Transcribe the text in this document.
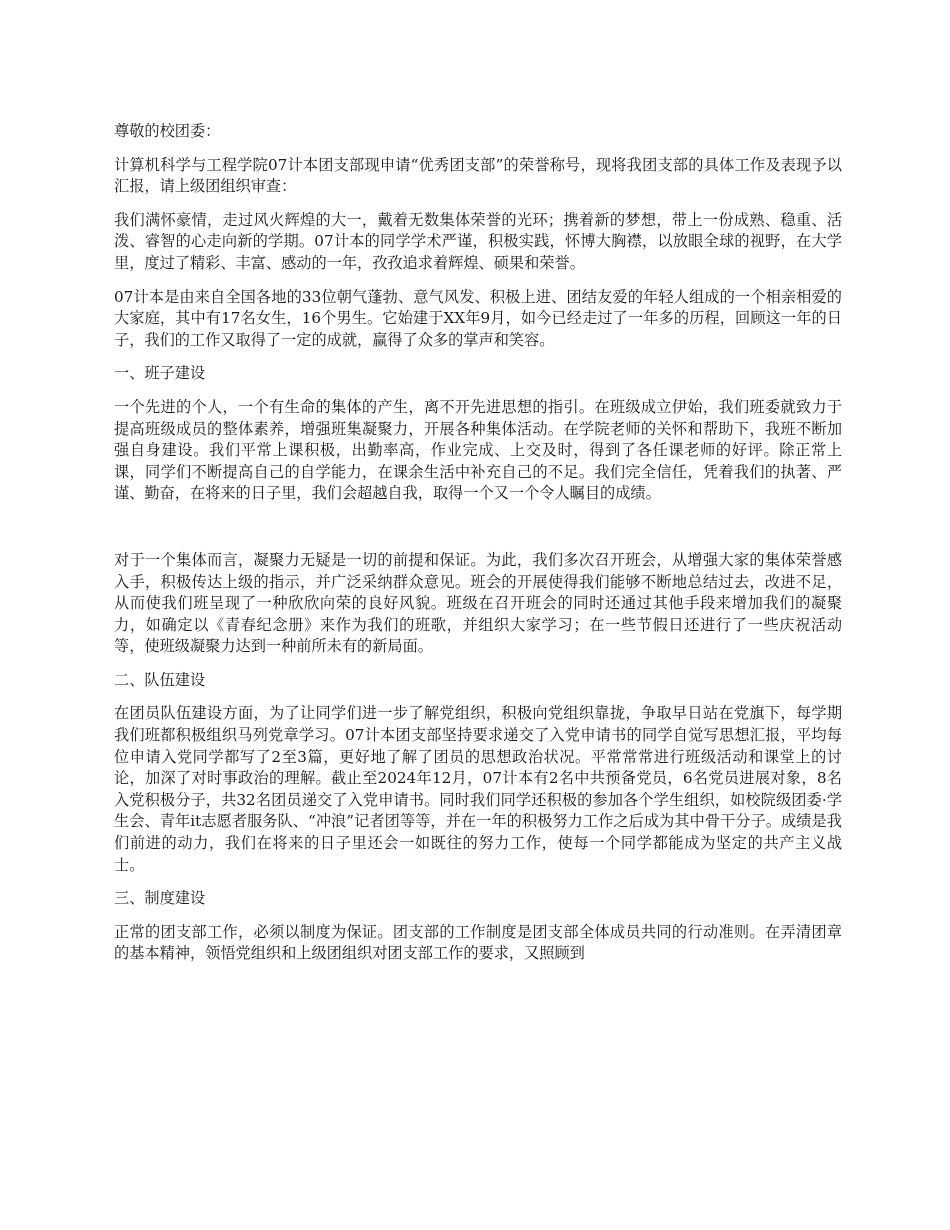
尊敬的校团委：

计算机科学与工程学院07计本团支部现申请“优秀团支部”的荣誉称号，现将我团支部的具体工作及表现予以汇报，请上级团组织审查：

我们满怀豪情，走过风火辉煌的大一，戴着无数集体荣誉的光环；携着新的梦想，带上一份成熟、稳重、活泼、睿智的心走向新的学期。07计本的同学学术严谨，积极实践，怀博大胸襟，以放眼全球的视野，在大学里，度过了精彩、丰富、感动的一年，孜孜追求着辉煌、硕果和荣誉。

07计本是由来自全国各地的33位朝气蓬勃、意气风发、积极上进、团结友爱的年轻人组成的一个相亲相爱的大家庭，其中有17名女生，16个男生。它始建于XX年9月，如今已经走过了一年多的历程，回顾这一年的日子，我们的工作又取得了一定的成就，赢得了众多的掌声和笑容。

一、班子建设

一个先进的个人，一个有生命的集体的产生，离不开先进思想的指引。在班级成立伊始，我们班委就致力于提高班级成员的整体素养，增强班集凝聚力，开展各种集体活动。在学院老师的关怀和帮助下，我班不断加强自身建设。我们平常上课积极，出勤率高，作业完成、上交及时，得到了各任课老师的好评。除正常上课，同学们不断提高自己的自学能力，在课余生活中补充自己的不足。我们完全信任，凭着我们的执著、严谨、勤奋，在将来的日子里，我们会超越自我，取得一个又一个令人瞩目的成绩。

对于一个集体而言，凝聚力无疑是一切的前提和保证。为此，我们多次召开班会，从增强大家的集体荣誉感入手，积极传达上级的指示，并广泛采纳群众意见。班会的开展使得我们能够不断地总结过去，改进不足，从而使我们班呈现了一种欣欣向荣的良好风貌。班级在召开班会的同时还通过其他手段来增加我们的凝聚力，如确定以《青春纪念册》来作为我们的班歌，并组织大家学习；在一些节假日还进行了一些庆祝活动等，使班级凝聚力达到一种前所未有的新局面。

二、队伍建设

在团员队伍建设方面，为了让同学们进一步了解党组织，积极向党组织靠拢，争取早日站在党旗下，每学期我们班都积极组织马列党章学习。07计本团支部坚持要求递交了入党申请书的同学自觉写思想汇报，平均每位申请入党同学都写了2至3篇，更好地了解了团员的思想政治状况。平常常常进行班级活动和课堂上的讨论，加深了对时事政治的理解。截止至2024年12月，07计本有2名中共预备党员，6名党员进展对象，8名入党积极分子，共32名团员递交了入党申请书。同时我们同学还积极的参加各个学生组织，如校院级团委·学生会、青年it志愿者服务队、“冲浪”记者团等等，并在一年的积极努力工作之后成为其中骨干分子。成绩是我们前进的动力，我们在将来的日子里还会一如既往的努力工作，使每一个同学都能成为坚定的共产主义战士。

三、制度建设

正常的团支部工作，必须以制度为保证。团支部的工作制度是团支部全体成员共同的行动准则。在弄清团章的基本精神，领悟党组织和上级团组织对团支部工作的要求，又照顾到
